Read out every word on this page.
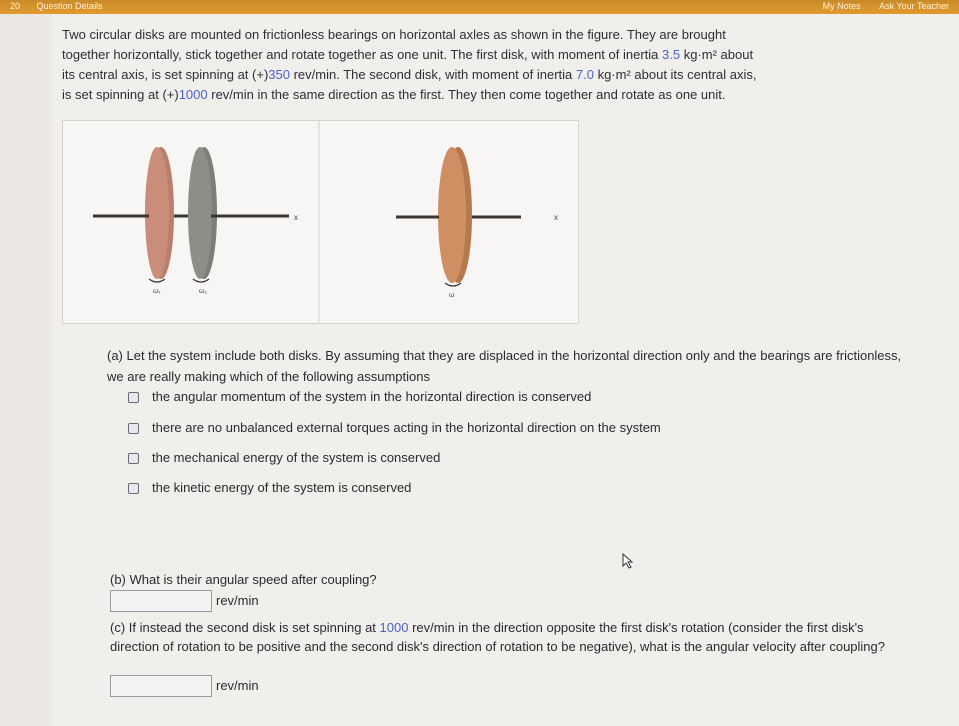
20 Question Details	My Notes Ask Your Teacher
Two circular disks are mounted on frictionless bearings on horizontal axles as shown in the figure. They are brought
together horizontally, stick together and rotate together as one unit. The first disk, with moment of inertia 3.5 kg·m² about
its central axis, is set spinning at (+)350 rev/min. The second disk, with moment of inertia 7.0 kg·m² about its central axis,
is set spinning at (+)1000 rev/min in the same direction as the first. They then come together and rotate as one unit.
x
ω₁	ω₂
x
ω
(a) Let the system include both disks. By assuming that they are displaced in the horizontal direction only and the bearings are frictionless, we are really making which of the following assumptions
the angular momentum of the system in the horizontal direction is conserved
there are no unbalanced external torques acting in the horizontal direction on the system
the mechanical energy of the system is conserved
the kinetic energy of the system is conserved
(b) What is their angular speed after coupling?
rev/min
(c) If instead the second disk is set spinning at 1000 rev/min in the direction opposite the first disk's rotation (consider the first disk's direction of rotation to be positive and the second disk's direction of rotation to be negative), what is the angular velocity after coupling?
rev/min
